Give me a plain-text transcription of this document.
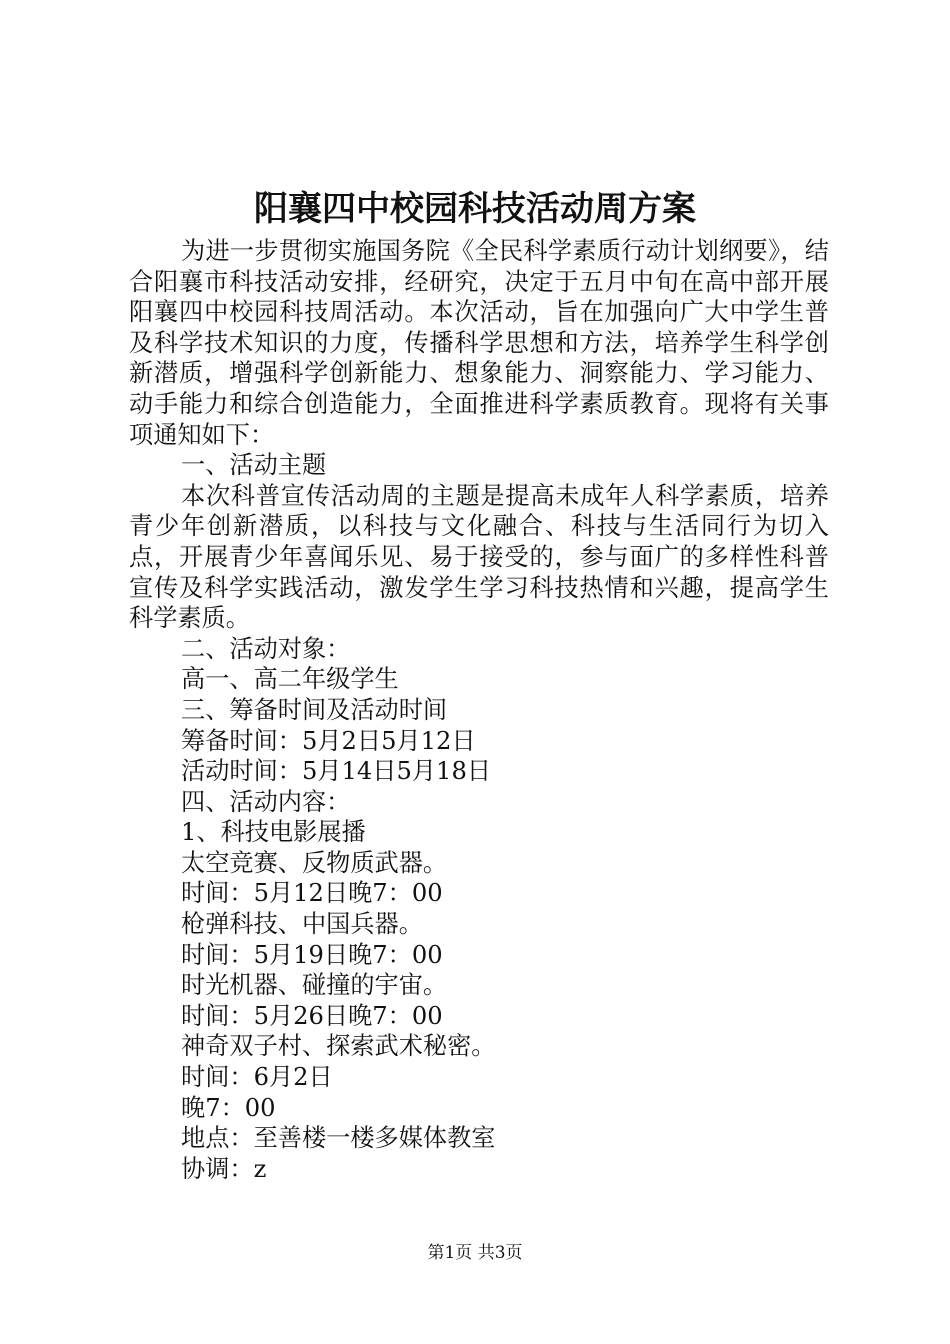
阳襄四中校园科技活动周方案

为进一步贯彻实施国务院《全民科学素质行动计划纲要》，结合阳襄市科技活动安排，经研究，决定于五月中旬在高中部开展阳襄四中校园科技周活动。本次活动，旨在加强向广大中学生普及科学技术知识的力度，传播科学思想和方法，培养学生科学创新潜质，增强科学创新能力、想象能力、洞察能力、学习能力、动手能力和综合创造能力，全面推进科学素质教育。现将有关事项通知如下：

一、活动主题

本次科普宣传活动周的主题是提高未成年人科学素质，培养青少年创新潜质，以科技与文化融合、科技与生活同行为切入点，开展青少年喜闻乐见、易于接受的，参与面广的多样性科普宣传及科学实践活动，激发学生学习科技热情和兴趣，提高学生科学素质。

二、活动对象：

高一、高二年级学生

三、筹备时间及活动时间

筹备时间：5月2日5月12日

活动时间：5月14日5月18日

四、活动内容：

1、科技电影展播

太空竞赛、反物质武器。

时间：5月12日晚7：00

枪弹科技、中国兵器。

时间：5月19日晚7：00

时光机器、碰撞的宇宙。

时间：5月26日晚7：00

神奇双子村、探索武术秘密。

时间：6月2日

晚7：00

地点：至善楼一楼多媒体教室

协调：z

第1页 共3页
